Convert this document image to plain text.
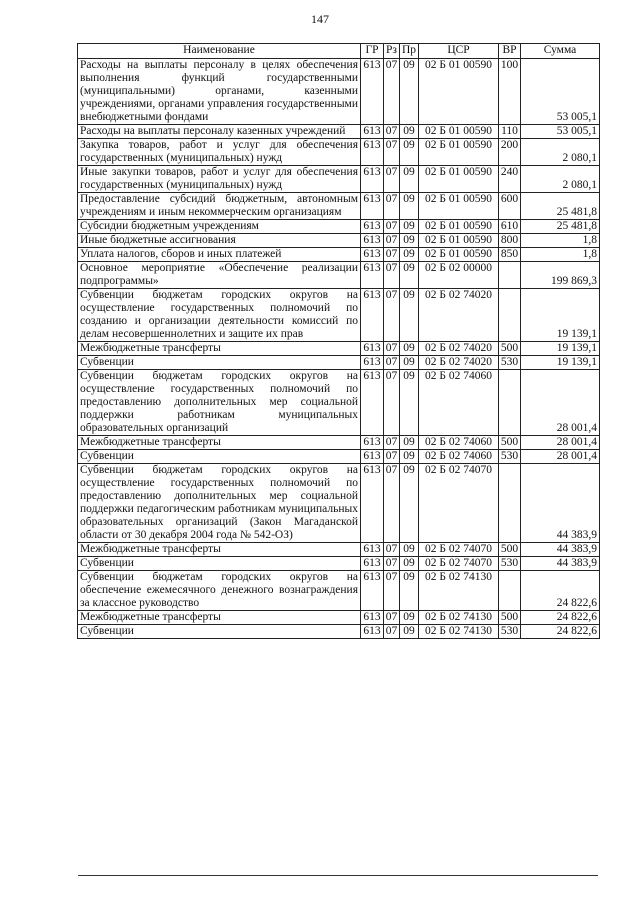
147
Наименование	ГР	Рз	Пр	ЦСР	ВР	Сумма
Расходы на выплаты персоналу в целях обеспечения выполнения функций государственными (муниципальными) органами, казенными учреждениями, органами управления государственными внебюджетными фондами	613	07	09	02 Б 01 00590	100	53 005,1
Расходы на выплаты персоналу казенных учреждений	613	07	09	02 Б 01 00590	110	53 005,1
Закупка товаров, работ и услуг для обеспечения государственных (муниципальных) нужд	613	07	09	02 Б 01 00590	200	2 080,1
Иные закупки товаров, работ и услуг для обеспечения государственных (муниципальных) нужд	613	07	09	02 Б 01 00590	240	2 080,1
Предоставление субсидий бюджетным, автономным учреждениям и иным некоммерческим организациям	613	07	09	02 Б 01 00590	600	25 481,8
Субсидии бюджетным учреждениям	613	07	09	02 Б 01 00590	610	25 481,8
Иные бюджетные ассигнования	613	07	09	02 Б 01 00590	800	1,8
Уплата налогов, сборов и иных платежей	613	07	09	02 Б 01 00590	850	1,8
Основное мероприятие «Обеспечение реализации подпрограммы»	613	07	09	02 Б 02 00000		199 869,3
Субвенции бюджетам городских округов на осуществление государственных полномочий по созданию и организации деятельности комиссий по делам несовершеннолетних и защите их прав	613	07	09	02 Б 02 74020		19 139,1
Межбюджетные трансферты	613	07	09	02 Б 02 74020	500	19 139,1
Субвенции	613	07	09	02 Б 02 74020	530	19 139,1
Субвенции бюджетам городских округов на осуществление государственных полномочий по предоставлению дополнительных мер социальной поддержки работникам муниципальных образовательных организаций	613	07	09	02 Б 02 74060		28 001,4
Межбюджетные трансферты	613	07	09	02 Б 02 74060	500	28 001,4
Субвенции	613	07	09	02 Б 02 74060	530	28 001,4
Субвенции бюджетам городских округов на осуществление государственных полномочий по предоставлению дополнительных мер социальной поддержки педагогическим работникам муниципальных образовательных организаций (Закон Магаданской области от 30 декабря 2004 года № 542-ОЗ)	613	07	09	02 Б 02 74070		44 383,9
Межбюджетные трансферты	613	07	09	02 Б 02 74070	500	44 383,9
Субвенции	613	07	09	02 Б 02 74070	530	44 383,9
Субвенции бюджетам городских округов на обеспечение ежемесячного денежного вознаграждения за классное руководство	613	07	09	02 Б 02 74130		24 822,6
Межбюджетные трансферты	613	07	09	02 Б 02 74130	500	24 822,6
Субвенции	613	07	09	02 Б 02 74130	530	24 822,6
